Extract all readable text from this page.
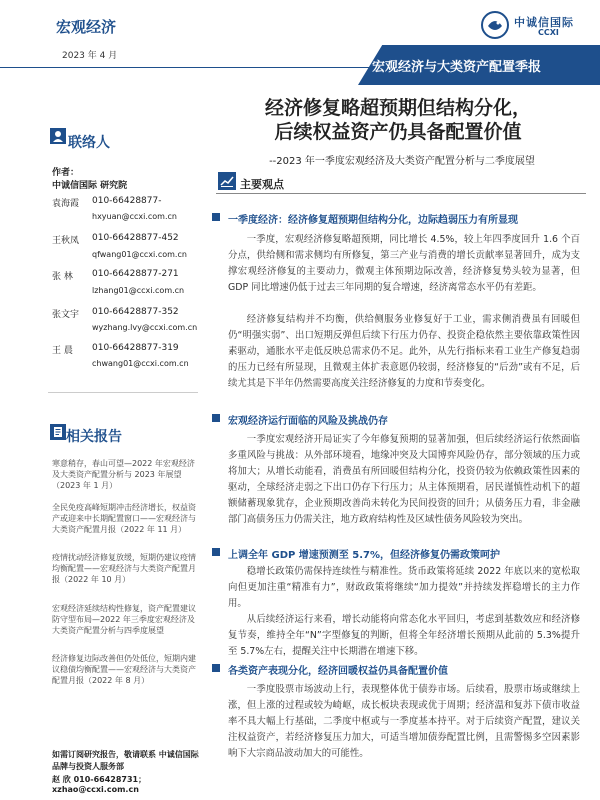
宏观经济
2023 年 4 月
中诚信国际
CCXI
宏观经济与大类资产配置季报
经济修复略超预期但结构分化，
后续权益资产仍具备配置价值
--2023 年一季度宏观经济及大类资产配置分析与二季度展望
联络人
作者：
中诚信国际 研究院
袁海霞 010-66428877-
hxyuan@ccxi.com.cn
王秋凤 010-66428877-452
qfwang01@ccxi.com.cn
张 林 010-66428877-271
lzhang01@ccxi.com.cn
张文宇 010-66428877-352
wyzhang.lvy@ccxi.com.cn
王 晨 010-66428877-319
chwang01@ccxi.com.cn
相关报告
寒意稍存，春山可望—2022 年宏观经济及大类资产配置分析与 2023 年展望（2023 年 1 月）
全民免疫高峰短期冲击经济增长，权益资产或迎来中长期配置窗口——宏观经济与大类资产配置月报（2022 年 11 月）
疫情扰动经济修复放缓，短期仍建议疫情均衡配置——宏观经济与大类资产配置月报（2022 年 10 月）
宏观经济延续结构性修复，资产配置建议防守型布局—2022 年三季度宏观经济及大类资产配置分析与四季度展望
经济修复边际改善但仍处低位，短期内建议稳债均衡配置——宏观经济与大类资产配置月报（2022 年 8 月）
如需订阅研究报告，敬请联系 中诚信国际品牌与投资人服务部
赵 欣 010-66428731；
xzhao@ccxi.com.cn
主要观点
一季度经济：经济修复超预期但结构分化，边际趋弱压力有所显现
一季度，宏观经济修复略超预期，同比增长 4.5%，较上年四季度回升 1.6 个百分点，供给侧和需求侧均有所修复，第三产业与消费的增长贡献率显著回升，成为支撑宏观经济修复的主要动力，微观主体预期边际改善，经济修复势头较为显著，但 GDP 同比增速仍低于过去三年同期的复合增速，经济离常态水平仍有差距。
经济修复结构并不均衡，供给侧服务业修复好于工业，需求侧消费虽有回暖但仍“明强实弱”、出口短期反弹但后续下行压力仍存、投资企稳依然主要依靠政策性因素驱动，通胀水平走低反映总需求仍不足。此外，从先行指标来看工业生产修复趋弱的压力已经有所显现，且微观主体扩表意愿仍较弱，经济修复的“后劲”或有不足，后续尤其是下半年仍然需要高度关注经济修复的力度和节奏变化。
宏观经济运行面临的风险及挑战仍存
一季度宏观经济开局证实了今年修复预期的显著加强，但后续经济运行依然面临多重风险与挑战：从外部环境看，地缘冲突及大国博弈风险仍存，部分领域的压力或将加大；从增长动能看，消费虽有所回暖但结构分化，投资仍较为依赖政策性因素的驱动，全球经济走弱之下出口仍存下行压力；从主体预期看，居民谨慎性动机下的超额储蓄现象犹存，企业预期改善尚未转化为民间投资的回升；从债务压力看，非金融部门高债务压力仍需关注，地方政府结构性及区域性债务风险较为突出。
上调全年 GDP 增速预测至 5.7%，但经济修复仍需政策呵护
稳增长政策仍需保持连续性与精准性。货币政策将延续 2022 年底以来的宽松取向但更加注重“精准有力”，财政政策将继续“加力提效”并持续发挥稳增长的主力作用。
从后续经济运行来看，增长动能将向常态化水平回归，考虑到基数效应和经济修复节奏，维持全年“N”字型修复的判断，但将全年经济增长预期从此前的 5.3%提升至 5.7%左右，提醒关注中长期潜在增速下移。
各类资产表现分化，经济回暖权益仍具备配置价值
一季度股票市场波动上行，表现整体优于债券市场。后续看，股票市场或继续上涨，但上涨的过程或较为崎岖，成长板块表现或优于周期；经济温和复苏下债市收益率不具大幅上行基础，二季度中枢或与一季度基本持平。对于后续资产配置，建议关注权益资产，若经济修复压力加大，可适当增加债券配置比例，且需警惕多空因素影响下大宗商品波动加大的可能性。
